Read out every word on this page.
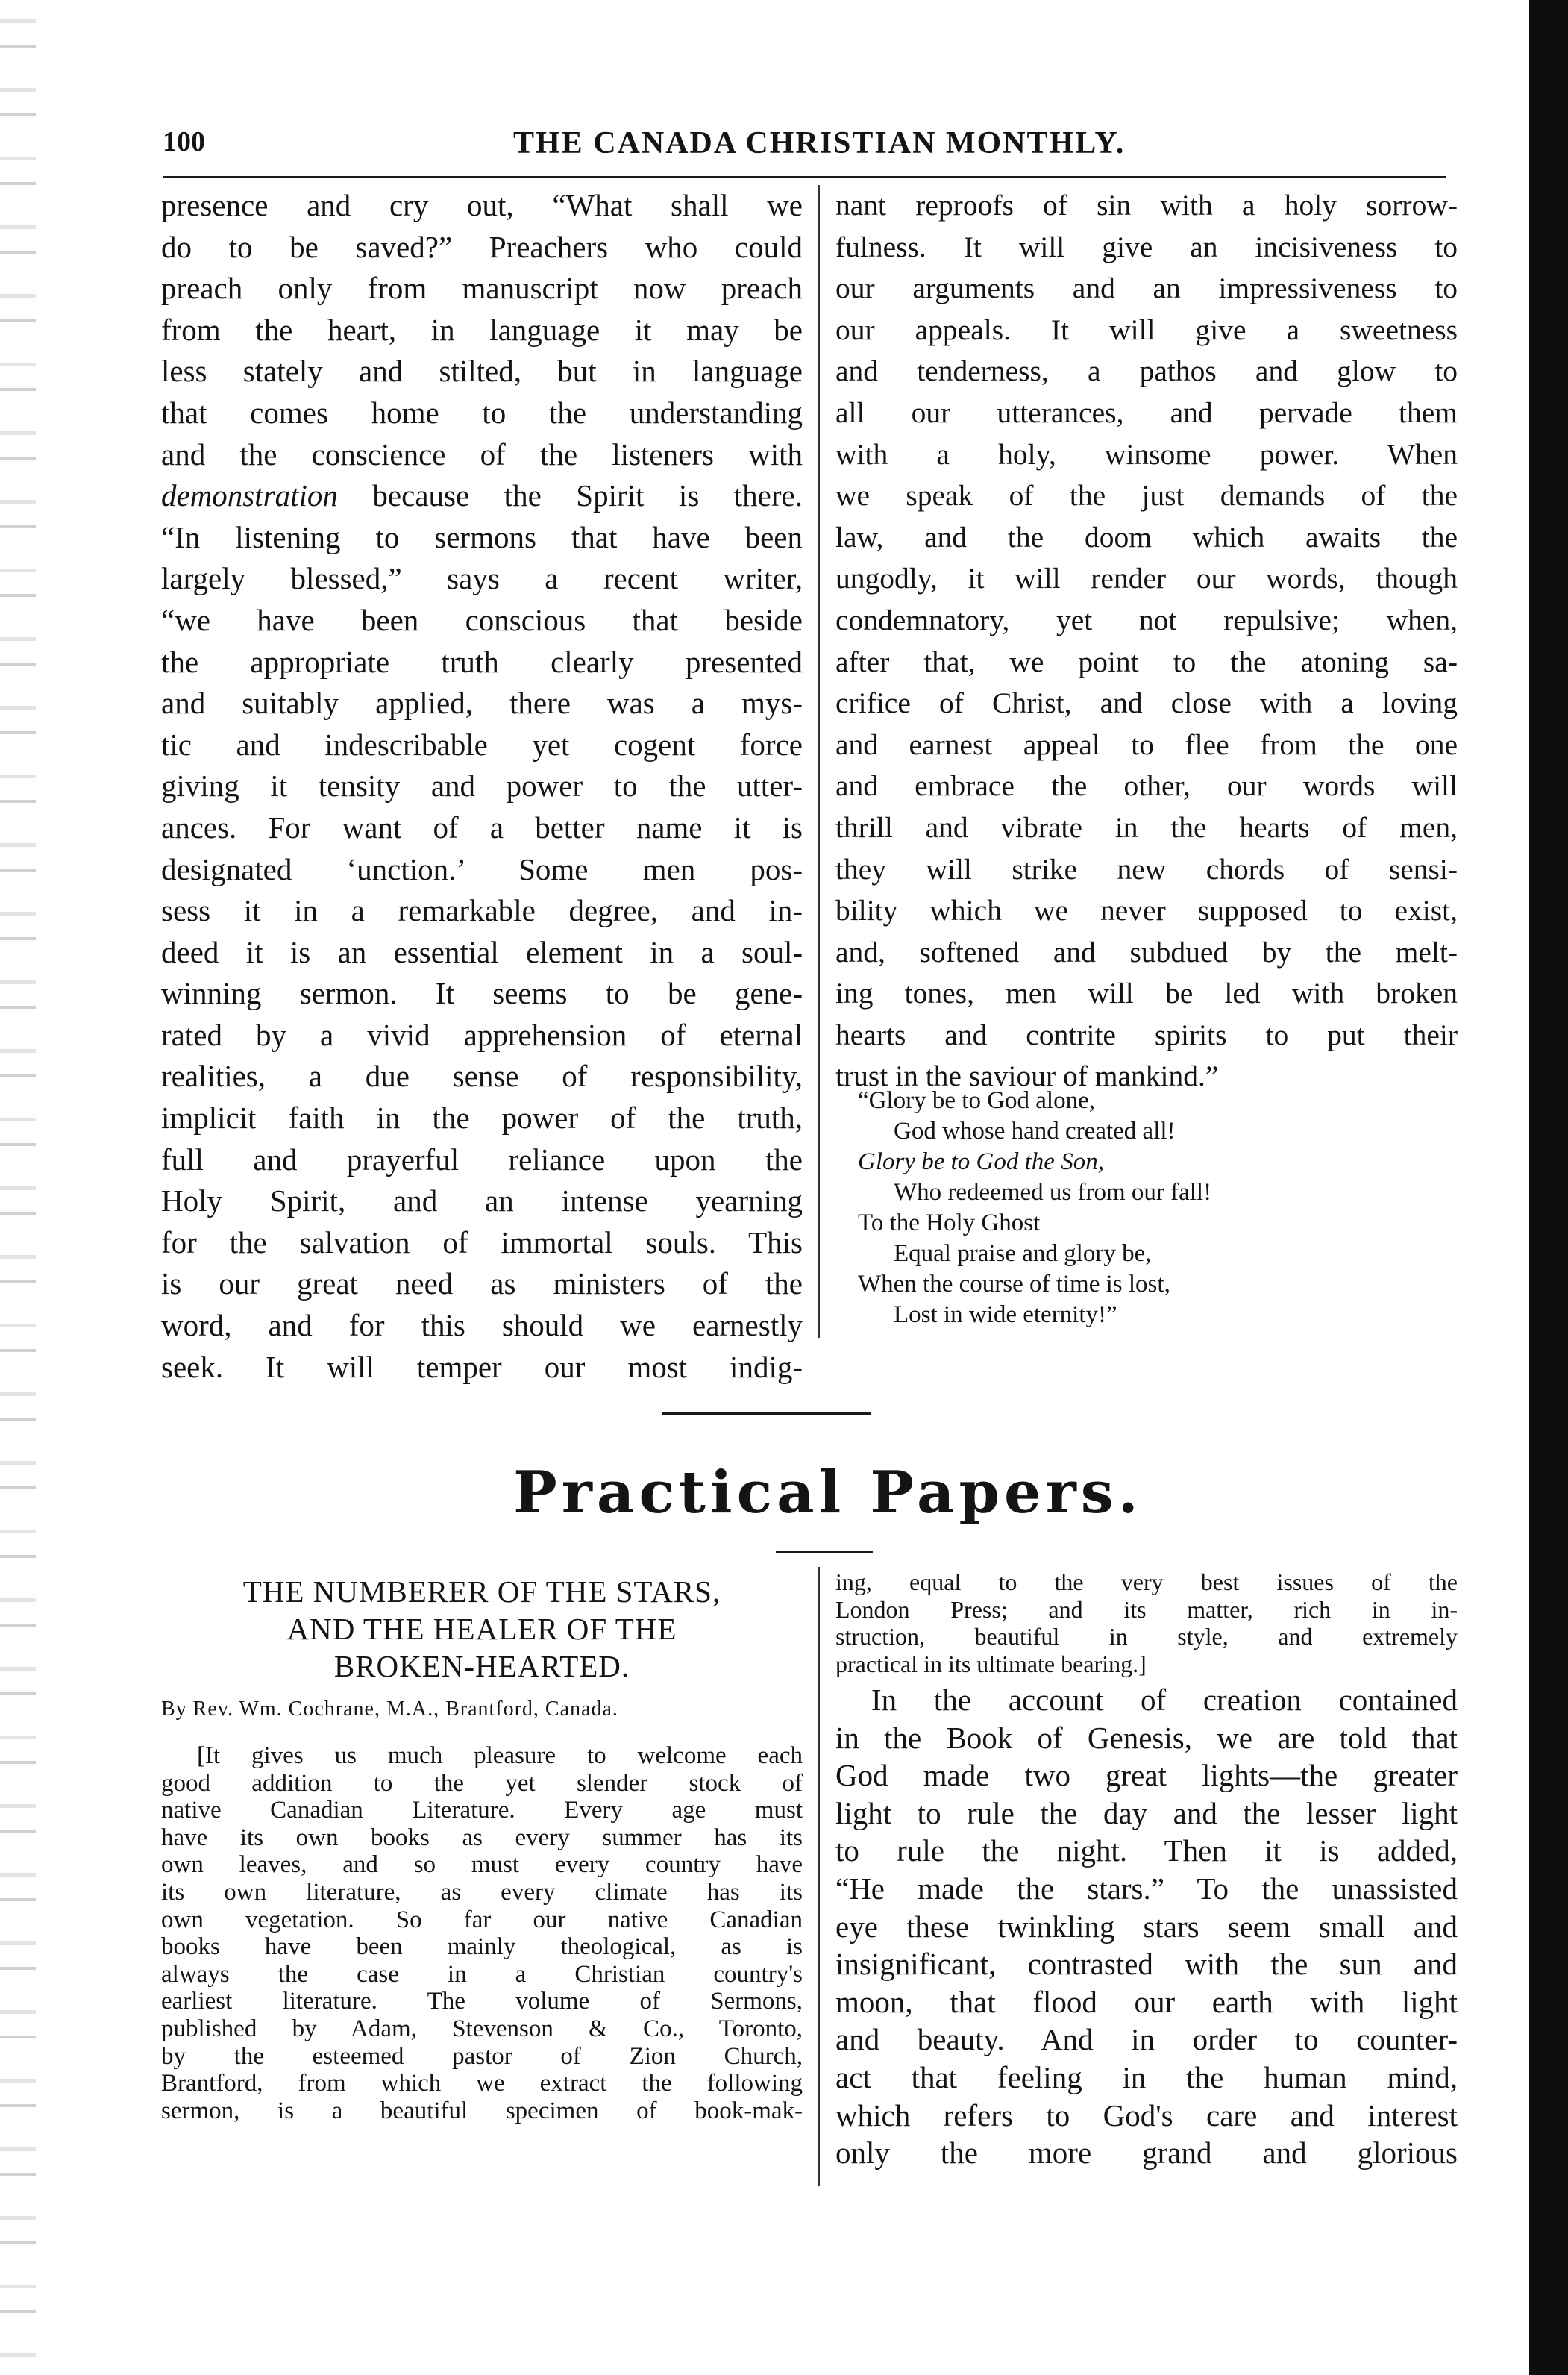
100	THE CANADA CHRISTIAN MONTHLY.
presence and cry out, “What shall we
do to be saved?” Preachers who could
preach only from manuscript now preach
from the heart, in language it may be
less stately and stilted, but in language
that comes home to the understanding
and the conscience of the listeners with
demonstration because the Spirit is there.
“In listening to sermons that have been
largely blessed,” says a recent writer,
“we have been conscious that beside
the appropriate truth clearly presented
and suitably applied, there was a mys-
tic and indescribable yet cogent force
giving it tensity and power to the utter-
ances. For want of a better name it is
designated ‘unction.’ Some men pos-
sess it in a remarkable degree, and in-
deed it is an essential element in a soul-
winning sermon. It seems to be gene-
rated by a vivid apprehension of eternal
realities, a due sense of responsibility,
implicit faith in the power of the truth,
full and prayerful reliance upon the
Holy Spirit, and an intense yearning
for the salvation of immortal souls. This
is our great need as ministers of the
word, and for this should we earnestly
seek. It will temper our most indig-
nant reproofs of sin with a holy sorrow-
fulness. It will give an incisiveness to
our arguments and an impressiveness to
our appeals. It will give a sweetness
and tenderness, a pathos and glow to
all our utterances, and pervade them
with a holy, winsome power. When
we speak of the just demands of the
law, and the doom which awaits the
ungodly, it will render our words, though
condemnatory, yet not repulsive; when,
after that, we point to the atoning sa-
crifice of Christ, and close with a loving
and earnest appeal to flee from the one
and embrace the other, our words will
thrill and vibrate in the hearts of men,
they will strike new chords of sensi-
bility which we never supposed to exist,
and, softened and subdued by the melt-
ing tones, men will be led with broken
hearts and contrite spirits to put their
trust in the saviour of mankind.”
“Glory be to God alone,
God whose hand created all!
Glory be to God the Son,
Who redeemed us from our fall!
To the Holy Ghost
Equal praise and glory be,
When the course of time is lost,
Lost in wide eternity!”
Practical Papers.
THE NUMBERER OF THE STARS,
AND THE HEALER OF THE
BROKEN-HEARTED.
By Rev. Wm. Cochrane, M.A., Brantford, Canada.
[It gives us much pleasure to welcome each
good addition to the yet slender stock of
native Canadian Literature. Every age must
have its own books as every summer has its
own leaves, and so must every country have
its own literature, as every climate has its
own vegetation. So far our native Canadian
books have been mainly theological, as is
always the case in a Christian country's
earliest literature. The volume of Sermons,
published by Adam, Stevenson & Co., Toronto,
by the esteemed pastor of Zion Church,
Brantford, from which we extract the following
sermon, is a beautiful specimen of book-mak-
ing, equal to the very best issues of the
London Press; and its matter, rich in in-
struction, beautiful in style, and extremely
practical in its ultimate bearing.]
In the account of creation contained
in the Book of Genesis, we are told that
God made two great lights—the greater
light to rule the day and the lesser light
to rule the night. Then it is added,
“He made the stars.” To the unassisted
eye these twinkling stars seem small and
insignificant, contrasted with the sun and
moon, that flood our earth with light
and beauty. And in order to counter-
act that feeling in the human mind,
which refers to God's care and interest
only the more grand and glorious
